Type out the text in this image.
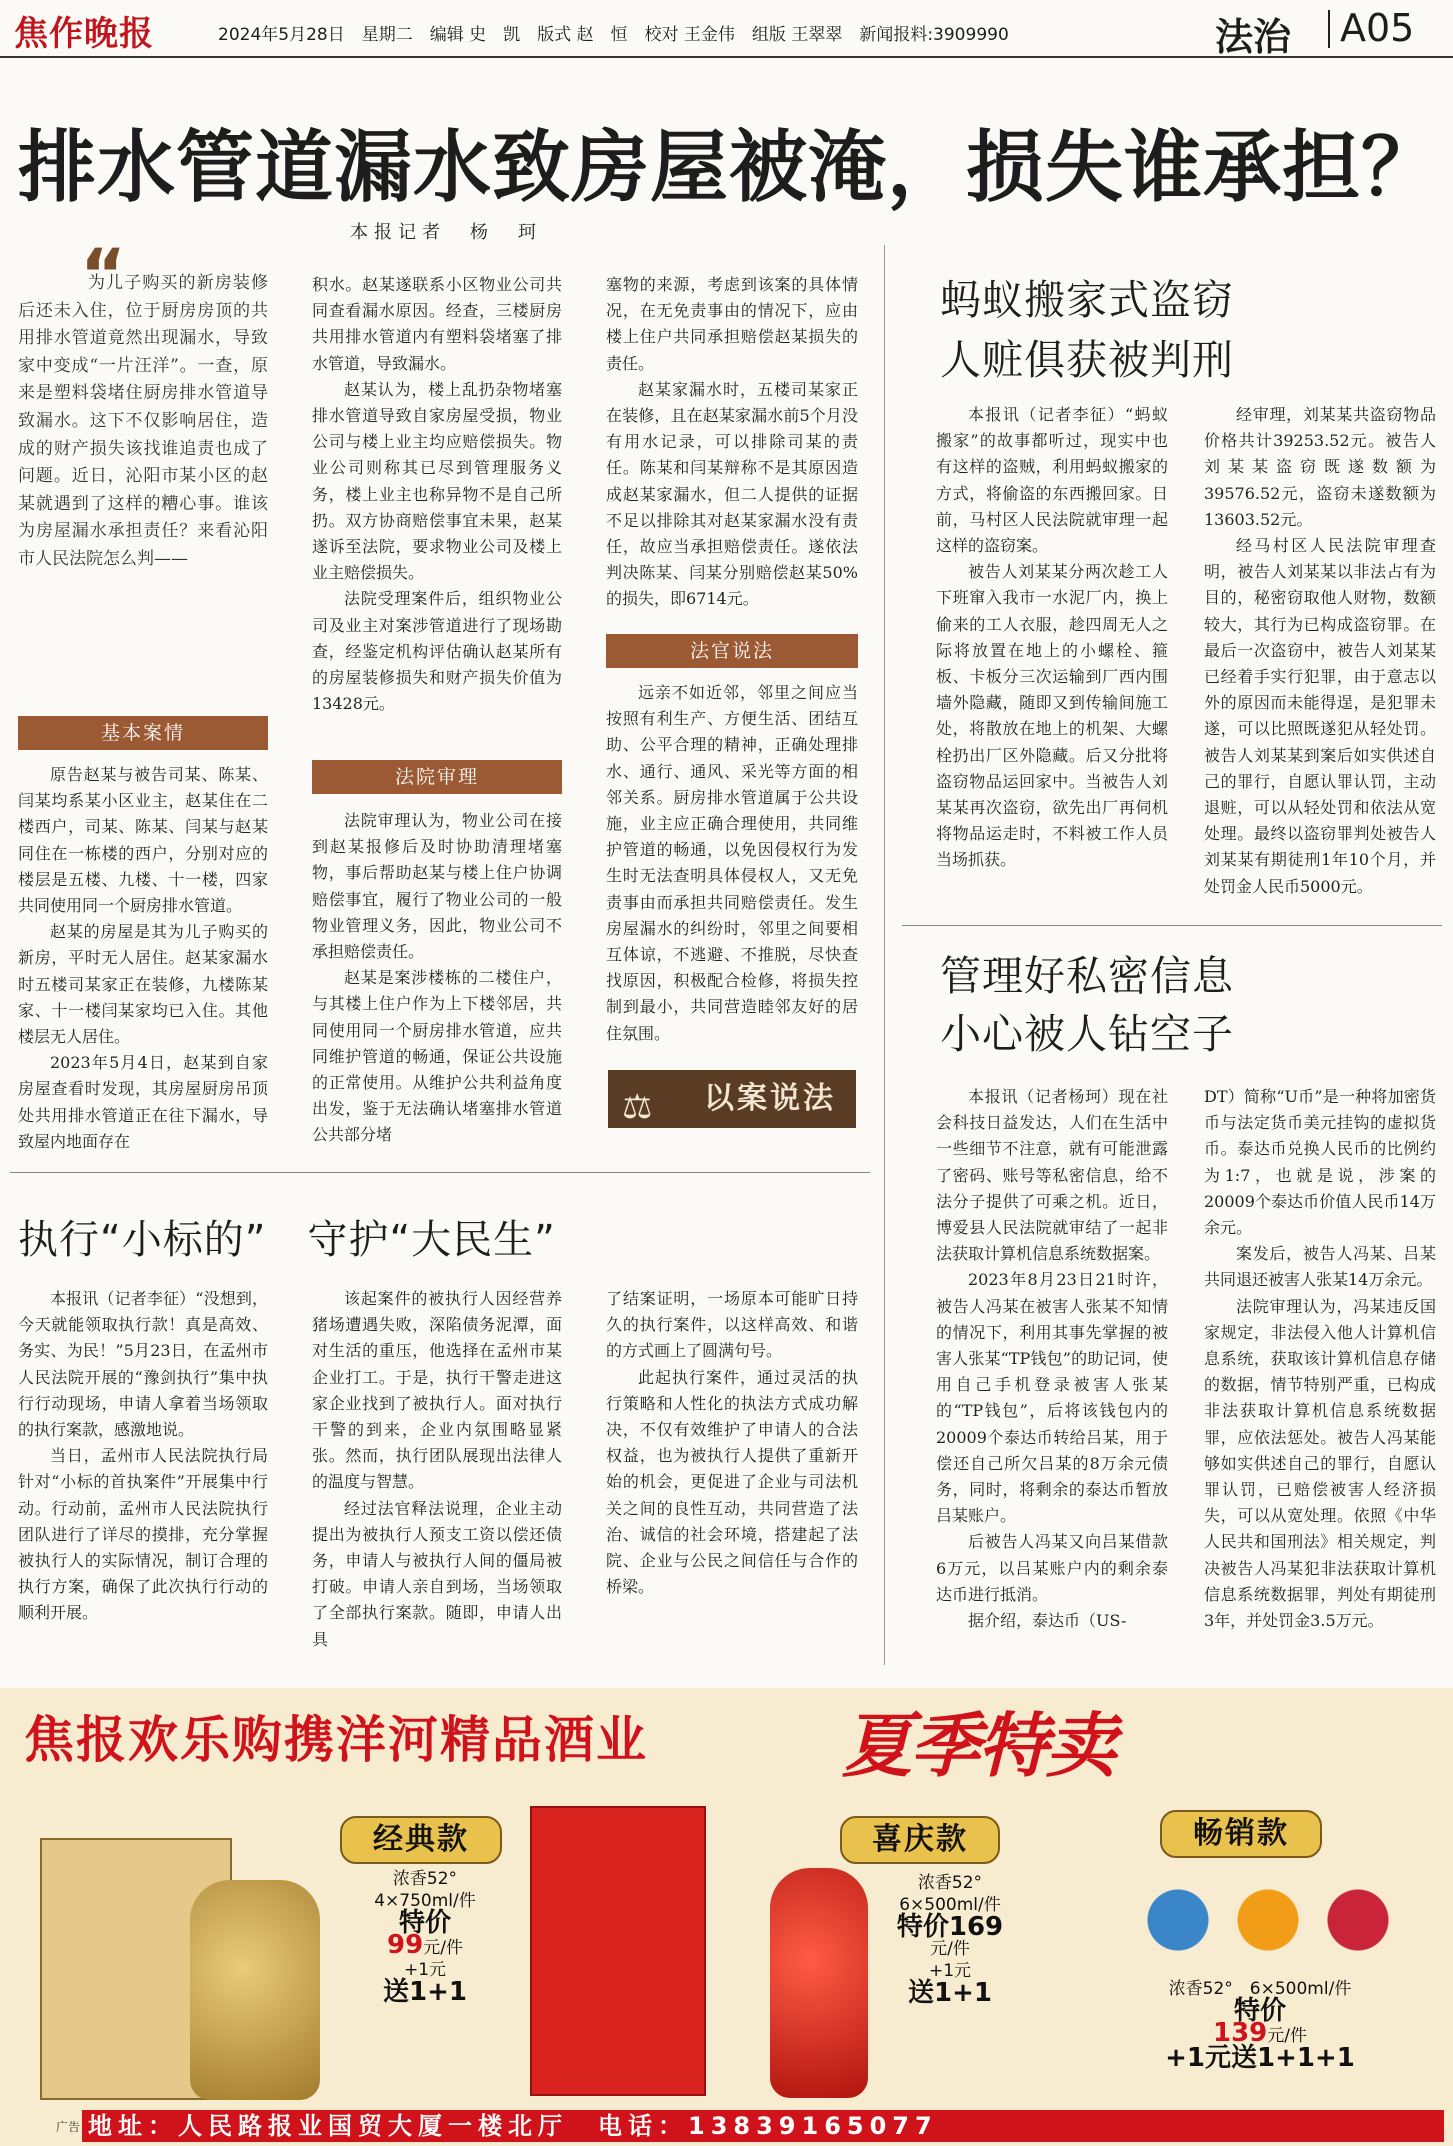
焦作晚报	2024年5月28日　星期二　编辑 史　凯　版式 赵　恒　校对 王金伟　组版 王翠翠　新闻报料:3909990	法治 A05
排水管道漏水致房屋被淹，损失谁承担？
本报记者　杨　珂
“
为儿子购买的新房装修后还未入住，位于厨房房顶的共用排水管道竟然出现漏水，导致家中变成“一片汪洋”。一查，原来是塑料袋堵住厨房排水管道导致漏水。这下不仅影响居住，造成的财产损失该找谁追责也成了问题。近日，沁阳市某小区的赵某就遇到了这样的糟心事。谁该为房屋漏水承担责任？来看沁阳市人民法院怎么判——
基本案情

原告赵某与被告司某、陈某、闫某均系某小区业主，赵某住在二楼西户，司某、陈某、闫某与赵某同住在一栋楼的西户，分别对应的楼层是五楼、九楼、十一楼，四家共同使用同一个厨房排水管道。

赵某的房屋是其为儿子购买的新房，平时无人居住。赵某家漏水时五楼司某家正在装修，九楼陈某家、十一楼闫某家均已入住。其他楼层无人居住。

2023年5月4日，赵某到自家房屋查看时发现，其房屋厨房吊顶处共用排水管道正在往下漏水，导致屋内地面存在

积水。赵某遂联系小区物业公司共同查看漏水原因。经查，三楼厨房共用排水管道内有塑料袋堵塞了排水管道，导致漏水。

赵某认为，楼上乱扔杂物堵塞排水管道导致自家房屋受损，物业公司与楼上业主均应赔偿损失。物业公司则称其已尽到管理服务义务，楼上业主也称异物不是自己所扔。双方协商赔偿事宜未果，赵某遂诉至法院，要求物业公司及楼上业主赔偿损失。

法院受理案件后，组织物业公司及业主对案涉管道进行了现场勘查，经鉴定机构评估确认赵某所有的房屋装修损失和财产损失价值为13428元。

法院审理

法院审理认为，物业公司在接到赵某报修后及时协助清理堵塞物，事后帮助赵某与楼上住户协调赔偿事宜，履行了物业公司的一般物业管理义务，因此，物业公司不承担赔偿责任。

赵某是案涉楼栋的二楼住户，与其楼上住户作为上下楼邻居，共同使用同一个厨房排水管道，应共同维护管道的畅通，保证公共设施的正常使用。从维护公共利益角度出发，鉴于无法确认堵塞排水管道公共部分堵

塞物的来源，考虑到该案的具体情况，在无免责事由的情况下，应由楼上住户共同承担赔偿赵某损失的责任。

赵某家漏水时，五楼司某家正在装修，且在赵某家漏水前5个月没有用水记录，可以排除司某的责任。陈某和闫某辩称不是其原因造成赵某家漏水，但二人提供的证据不足以排除其对赵某家漏水没有责任，故应当承担赔偿责任。遂依法判决陈某、闫某分别赔偿赵某50%的损失，即6714元。

法官说法

远亲不如近邻，邻里之间应当按照有利生产、方便生活、团结互助、公平合理的精神，正确处理排水、通行、通风、采光等方面的相邻关系。厨房排水管道属于公共设施，业主应正确合理使用，共同维护管道的畅通，以免因侵权行为发生时无法查明具体侵权人，又无免责事由而承担共同赔偿责任。发生房屋漏水的纠纷时，邻里之间要相互体谅，不逃避、不推脱，尽快查找原因，积极配合检修，将损失控制到最小，共同营造睦邻友好的居住氛围。

⚖ 以案说法
执行“小标的”　守护“大民生”

本报讯（记者李征）“没想到，今天就能领取执行款！真是高效、务实、为民！”5月23日，在孟州市人民法院开展的“豫剑执行”集中执行行动现场，申请人拿着当场领取的执行案款，感激地说。

当日，孟州市人民法院执行局针对“小标的首执案件”开展集中行动。行动前，孟州市人民法院执行团队进行了详尽的摸排，充分掌握被执行人的实际情况，制订合理的执行方案，确保了此次执行行动的顺利开展。

该起案件的被执行人因经营养猪场遭遇失败，深陷债务泥潭，面对生活的重压，他选择在孟州市某企业打工。于是，执行干警走进这家企业找到了被执行人。面对执行干警的到来，企业内氛围略显紧张。然而，执行团队展现出法律人的温度与智慧。

经过法官释法说理，企业主动提出为被执行人预支工资以偿还债务，申请人与被执行人间的僵局被打破。申请人亲自到场，当场领取了全部执行案款。随即，申请人出具

了结案证明，一场原本可能旷日持久的执行案件，以这样高效、和谐的方式画上了圆满句号。

此起执行案件，通过灵活的执行策略和人性化的执法方式成功解决，不仅有效维护了申请人的合法权益，也为被执行人提供了重新开始的机会，更促进了企业与司法机关之间的良性互动，共同营造了法治、诚信的社会环境，搭建起了法院、企业与公民之间信任与合作的桥梁。

蚂蚁搬家式盗窃
人赃俱获被判刑

本报讯（记者李征）“蚂蚁搬家”的故事都听过，现实中也有这样的盗贼，利用蚂蚁搬家的方式，将偷盗的东西搬回家。日前，马村区人民法院就审理一起这样的盗窃案。

被告人刘某某分两次趁工人下班窜入我市一水泥厂内，换上偷来的工人衣服，趁四周无人之际将放置在地上的小螺栓、箍板、卡板分三次运输到厂西内围墙外隐藏，随即又到传输间施工处，将散放在地上的机架、大螺栓扔出厂区外隐藏。后又分批将盗窃物品运回家中。当被告人刘某某再次盗窃，欲先出厂再伺机将物品运走时，不料被工作人员当场抓获。

经审理，刘某某共盗窃物品价格共计39253.52元。被告人刘某某盗窃既遂数额为39576.52元，盗窃未遂数额为13603.52元。

经马村区人民法院审理查明，被告人刘某某以非法占有为目的，秘密窃取他人财物，数额较大，其行为已构成盗窃罪。在最后一次盗窃中，被告人刘某某已经着手实行犯罪，由于意志以外的原因而未能得逞，是犯罪未遂，可以比照既遂犯从轻处罚。被告人刘某某到案后如实供述自己的罪行，自愿认罪认罚，主动退赃，可以从轻处罚和依法从宽处理。最终以盗窃罪判处被告人刘某某有期徒刑1年10个月，并处罚金人民币5000元。

管理好私密信息
小心被人钻空子

本报讯（记者杨珂）现在社会科技日益发达，人们在生活中一些细节不注意，就有可能泄露了密码、账号等私密信息，给不法分子提供了可乘之机。近日，博爱县人民法院就审结了一起非法获取计算机信息系统数据案。

2023年8月23日21时许，被告人冯某在被害人张某不知情的情况下，利用其事先掌握的被害人张某“TP钱包”的助记词，使用自己手机登录被害人张某的“TP钱包”，后将该钱包内的20009个泰达币转给吕某，用于偿还自己所欠吕某的8万余元债务，同时，将剩余的泰达币暂放吕某账户。

后被告人冯某又向吕某借款6万元，以吕某账户内的剩余泰达币进行抵消。

据介绍，泰达币（US-

DT）简称“U币”是一种将加密货币与法定货币美元挂钩的虚拟货币。泰达币兑换人民币的比例约为1:7，也就是说，涉案的20009个泰达币价值人民币14万余元。

案发后，被告人冯某、吕某共同退还被害人张某14万余元。

法院审理认为，冯某违反国家规定，非法侵入他人计算机信息系统，获取该计算机信息存储的数据，情节特别严重，已构成非法获取计算机信息系统数据罪，应依法惩处。被告人冯某能够如实供述自己的罪行，自愿认罪认罚，已赔偿被害人经济损失，可以从宽处理。依照《中华人民共和国刑法》相关规定，判决被告人冯某犯非法获取计算机信息系统数据罪，判处有期徒刑3年，并处罚金3.5万元。

焦报欢乐购携洋河精品酒业	夏季特卖
经典款
浓香52°
4×750ml/件
特价
99元/件
+1元
送1+1
喜庆款
浓香52°
6×500ml/件
特价169
元/件
+1元
送1+1
畅销款
浓香52°　6×500ml/件
特价
139元/件
+1元送1+1+1
广告 地址：人民路报业国贸大厦一楼北厅　电话：13839165077
